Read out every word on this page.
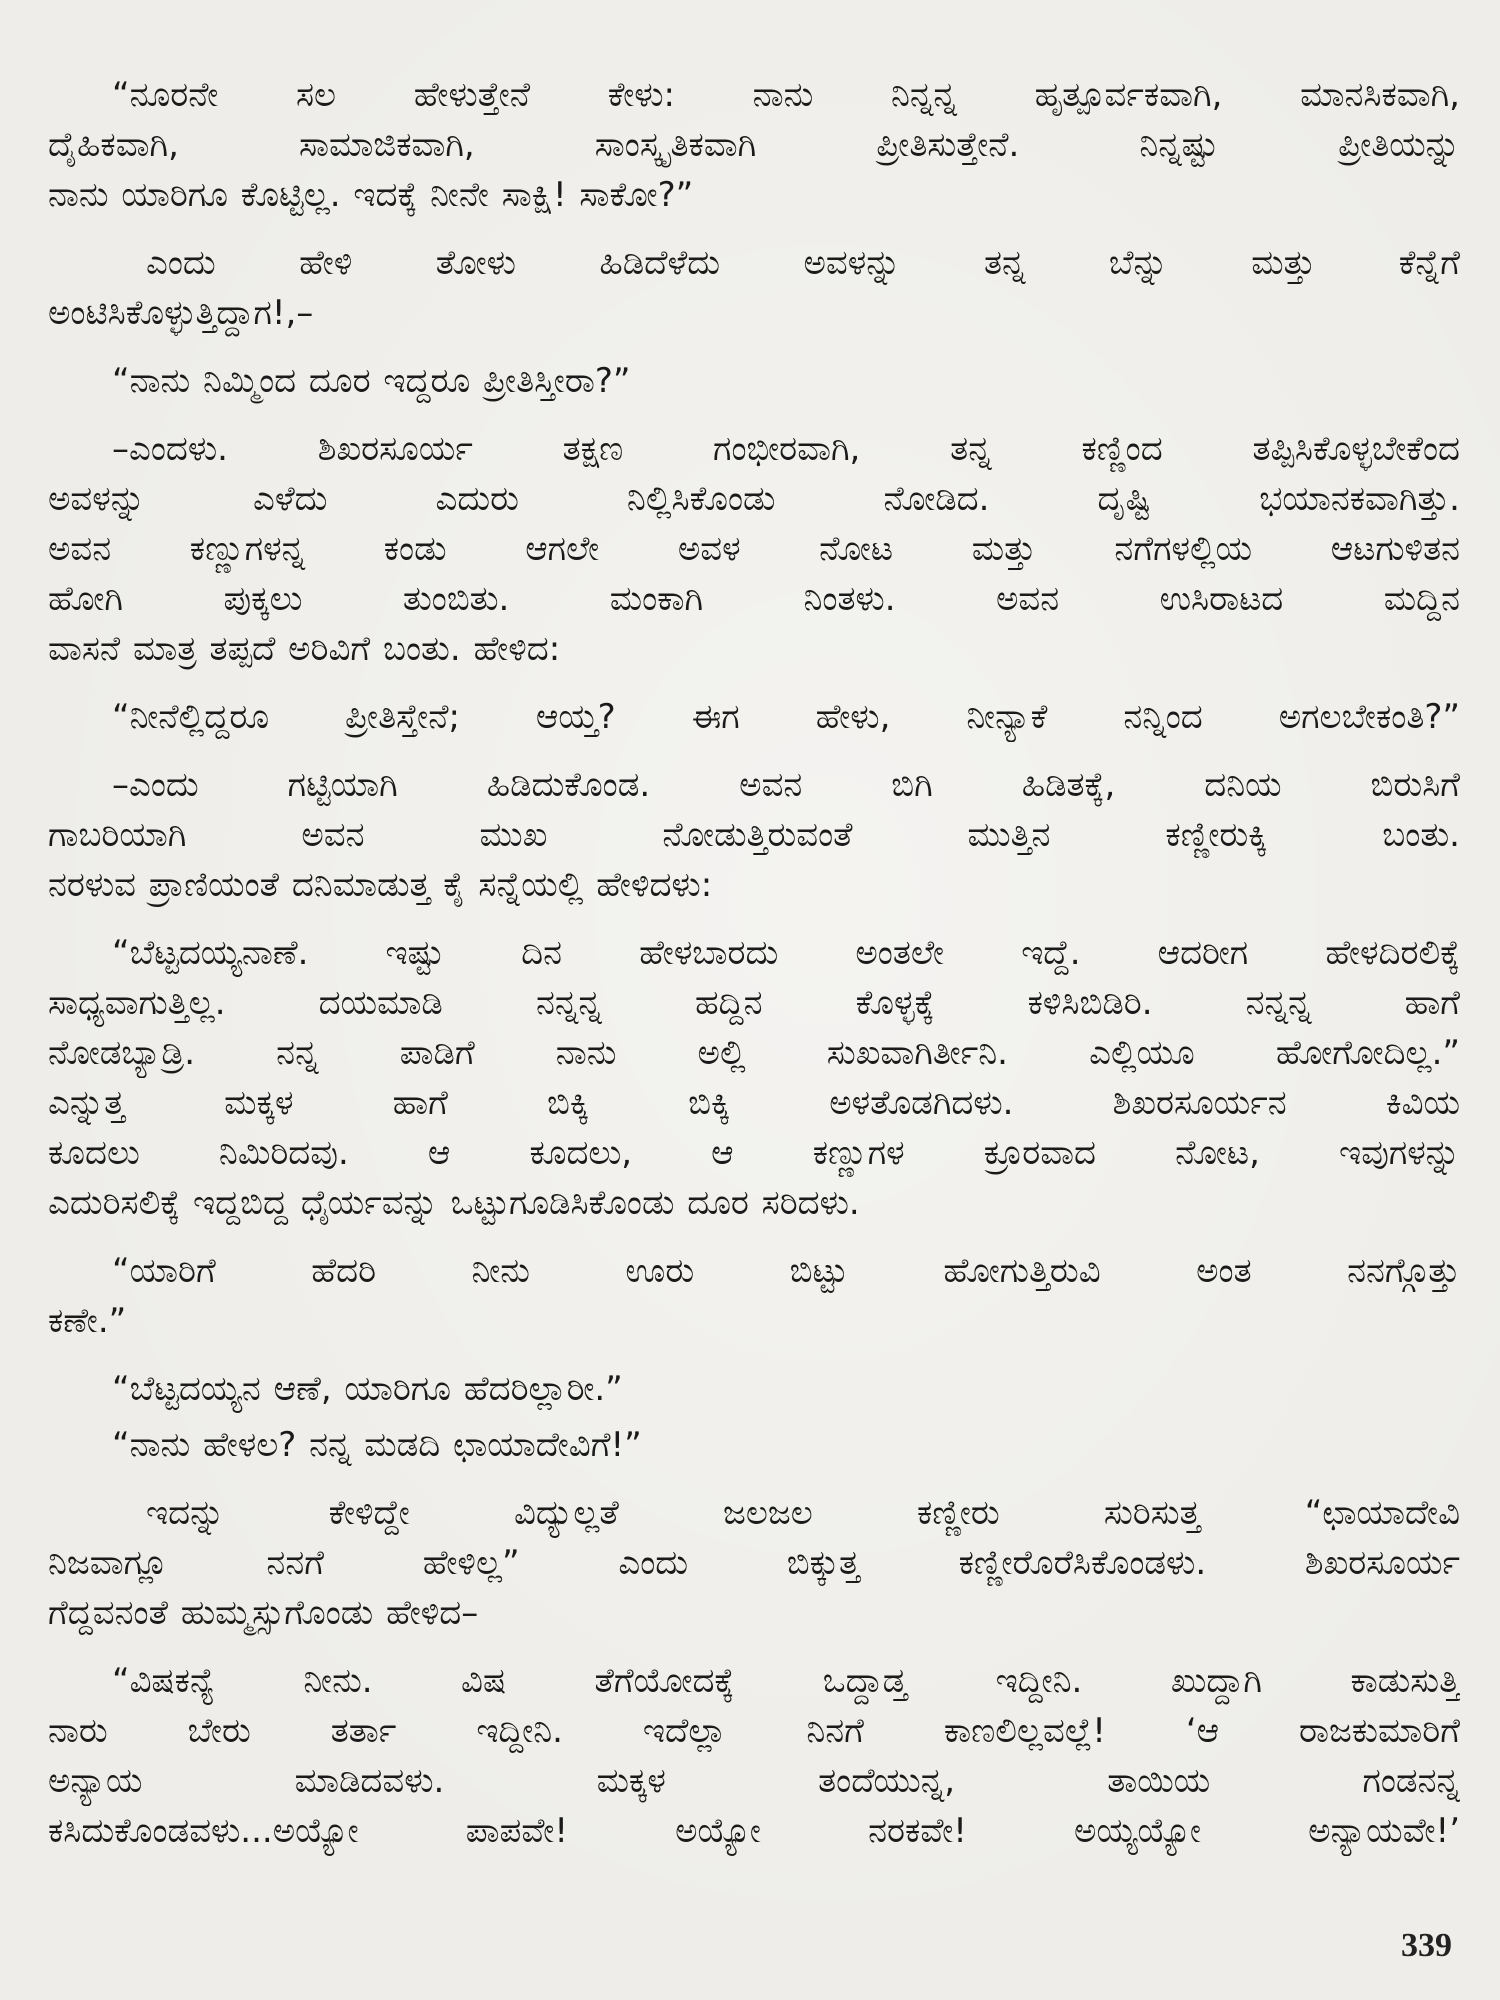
“ನೂರನೇ ಸಲ ಹೇಳುತ್ತೇನೆ ಕೇಳು: ನಾನು ನಿನ್ನನ್ನ ಹೃತ್ಪೂರ್ವಕವಾಗಿ, ಮಾನಸಿಕವಾಗಿ,
ದೈಹಿಕವಾಗಿ, ಸಾಮಾಜಿಕವಾಗಿ, ಸಾಂಸ್ಕೃತಿಕವಾಗಿ ಪ್ರೀತಿಸುತ್ತೇನೆ. ನಿನ್ನಷ್ಟು ಪ್ರೀತಿಯನ್ನು
ನಾನು ಯಾರಿಗೂ ಕೊಟ್ಟಿಲ್ಲ. ಇದಕ್ಕೆ ನೀನೇ ಸಾಕ್ಷಿ! ಸಾಕೋ?”
ಎಂದು ಹೇಳಿ ತೋಳು ಹಿಡಿದೆಳೆದು ಅವಳನ್ನು ತನ್ನ ಬೆನ್ನು ಮತ್ತು ಕೆನ್ನೆಗೆ
ಅಂಟಿಸಿಕೊಳ್ಳುತ್ತಿದ್ದಾಗ!,–
“ನಾನು ನಿಮ್ಮಿಂದ ದೂರ ಇದ್ದರೂ ಪ್ರೀತಿಸ್ತೀರಾ?”
–ಎಂದಳು. ಶಿಖರಸೂರ್ಯ ತಕ್ಷಣ ಗಂಭೀರವಾಗಿ, ತನ್ನ ಕಣ್ಣಿಂದ ತಪ್ಪಿಸಿಕೊಳ್ಳಬೇಕೆಂದ
ಅವಳನ್ನು ಎಳೆದು ಎದುರು ನಿಲ್ಲಿಸಿಕೊಂಡು ನೋಡಿದ. ದೃಷ್ಟಿ ಭಯಾನಕವಾಗಿತ್ತು.
ಅವನ ಕಣ್ಣುಗಳನ್ನ ಕಂಡು ಆಗಲೇ ಅವಳ ನೋಟ ಮತ್ತು ನಗೆಗಳಲ್ಲಿಯ ಆಟಗುಳಿತನ
ಹೋಗಿ ಪುಕ್ಕಲು ತುಂಬಿತು. ಮಂಕಾಗಿ ನಿಂತಳು. ಅವನ ಉಸಿರಾಟದ ಮದ್ದಿನ
ವಾಸನೆ ಮಾತ್ರ ತಪ್ಪದೆ ಅರಿವಿಗೆ ಬಂತು. ಹೇಳಿದ:
“ನೀನೆಲ್ಲಿದ್ದರೂ ಪ್ರೀತಿಸ್ತೇನೆ; ಆಯ್ತ? ಈಗ ಹೇಳು, ನೀನ್ಯಾಕೆ ನನ್ನಿಂದ ಅಗಲಬೇಕಂತಿ?”
–ಎಂದು ಗಟ್ಟಿಯಾಗಿ ಹಿಡಿದುಕೊಂಡ. ಅವನ ಬಿಗಿ ಹಿಡಿತಕ್ಕೆ, ದನಿಯ ಬಿರುಸಿಗೆ
ಗಾಬರಿಯಾಗಿ ಅವನ ಮುಖ ನೋಡುತ್ತಿರುವಂತೆ ಮುತ್ತಿನ ಕಣ್ಣೀರುಕ್ಕಿ ಬಂತು.
ನರಳುವ ಪ್ರಾಣಿಯಂತೆ ದನಿಮಾಡುತ್ತ ಕೈ ಸನ್ನೆಯಲ್ಲಿ ಹೇಳಿದಳು:
“ಬೆಟ್ಟದಯ್ಯನಾಣೆ. ಇಷ್ಟು ದಿನ ಹೇಳಬಾರದು ಅಂತಲೇ ಇದ್ದೆ. ಆದರೀಗ ಹೇಳದಿರಲಿಕ್ಕೆ
ಸಾಧ್ಯವಾಗುತ್ತಿಲ್ಲ. ದಯಮಾಡಿ ನನ್ನನ್ನ ಹದ್ದಿನ ಕೊಳ್ಳಕ್ಕೆ ಕಳಿಸಿಬಿಡಿರಿ. ನನ್ನನ್ನ ಹಾಗೆ
ನೋಡಬ್ಯಾಡ್ರಿ. ನನ್ನ ಪಾಡಿಗೆ ನಾನು ಅಲ್ಲಿ ಸುಖವಾಗಿರ್ತೀನಿ. ಎಲ್ಲಿಯೂ ಹೋಗೋದಿಲ್ಲ.”
ಎನ್ನುತ್ತ ಮಕ್ಕಳ ಹಾಗೆ ಬಿಕ್ಕಿ ಬಿಕ್ಕಿ ಅಳತೊಡಗಿದಳು. ಶಿಖರಸೂರ್ಯನ ಕಿವಿಯ
ಕೂದಲು ನಿಮಿರಿದವು. ಆ ಕೂದಲು, ಆ ಕಣ್ಣುಗಳ ಕ್ರೂರವಾದ ನೋಟ, ಇವುಗಳನ್ನು
ಎದುರಿಸಲಿಕ್ಕೆ ಇದ್ದಬಿದ್ದ ಧೈರ್ಯವನ್ನು ಒಟ್ಟುಗೂಡಿಸಿಕೊಂಡು ದೂರ ಸರಿದಳು.
“ಯಾರಿಗೆ ಹೆದರಿ ನೀನು ಊರು ಬಿಟ್ಟು ಹೋಗುತ್ತಿರುವಿ ಅಂತ ನನಗ್ಗೊತ್ತು
ಕಣೇ.”
“ಬೆಟ್ಟದಯ್ಯನ ಆಣೆ, ಯಾರಿಗೂ ಹೆದರಿಲ್ಲಾರೀ.”
“ನಾನು ಹೇಳಲ? ನನ್ನ ಮಡದಿ ಛಾಯಾದೇವಿಗೆ!”
ಇದನ್ನು ಕೇಳಿದ್ದೇ ವಿದ್ಯುಲ್ಲತೆ ಜಲಜಲ ಕಣ್ಣೀರು ಸುರಿಸುತ್ತ “ಛಾಯಾದೇವಿ
ನಿಜವಾಗ್ಲೂ ನನಗೆ ಹೇಳಿಲ್ಲ” ಎಂದು ಬಿಕ್ಕುತ್ತ ಕಣ್ಣೀರೊರೆಸಿಕೊಂಡಳು. ಶಿಖರಸೂರ್ಯ
ಗೆದ್ದವನಂತೆ ಹುಮ್ಮಸ್ಸುಗೊಂಡು ಹೇಳಿದ–
“ವಿಷಕನ್ಯೆ ನೀನು. ವಿಷ ತೆಗೆಯೋದಕ್ಕೆ ಒದ್ದಾಡ್ತ ಇದ್ದೀನಿ. ಖುದ್ದಾಗಿ ಕಾಡುಸುತ್ತಿ
ನಾರು ಬೇರು ತರ್ತಾ ಇದ್ದೀನಿ. ಇದೆಲ್ಲಾ ನಿನಗೆ ಕಾಣಲಿಲ್ಲವಲ್ಲೆ! ‘ಆ ರಾಜಕುಮಾರಿಗೆ
ಅನ್ಯಾಯ ಮಾಡಿದವಳು. ಮಕ್ಕಳ ತಂದೆಯುನ್ನ, ತಾಯಿಯ ಗಂಡನನ್ನ
ಕಸಿದುಕೊಂಡವಳು...ಅಯ್ಯೋ ಪಾಪವೇ! ಅಯ್ಯೋ ನರಕವೇ! ಅಯ್ಯಯ್ಯೋ ಅನ್ಯಾಯವೇ!’
339
